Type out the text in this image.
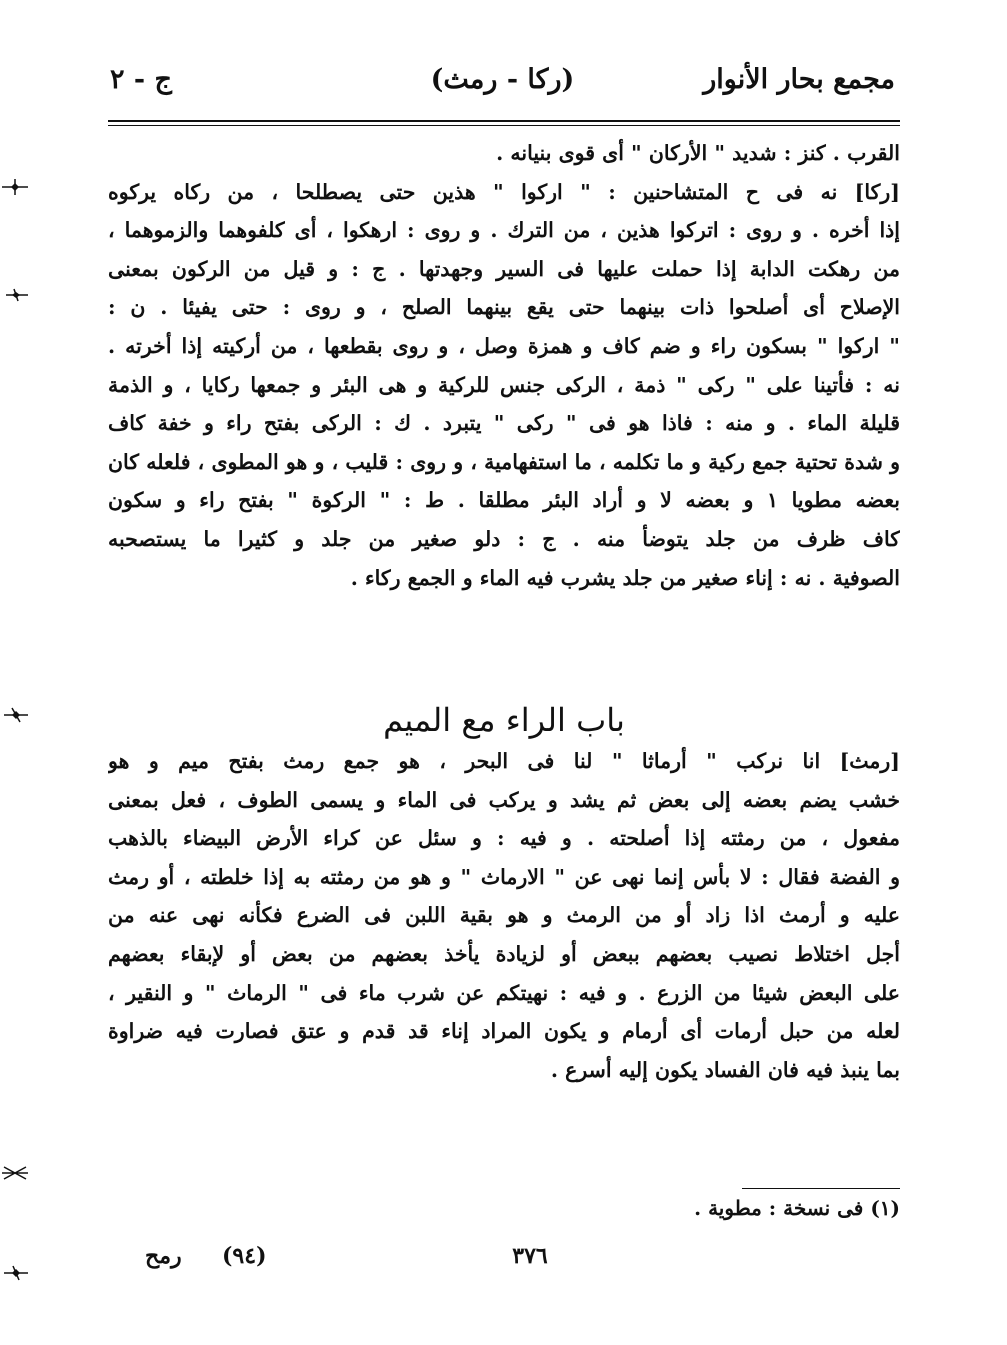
مجمع بحار الأنوار
(ركا - رمث)
ج - ٢
القرب . كنز : شديد " الأركان " أى قوى بنيانه .
[ركا] نه فى ح المتشاحنين : " اركوا " هذين حتى يصطلحا ، من ركاه يركوه
إذا أخره . و روى : اتركوا هذين ، من الترك . و روى : ارهكوا ، أى كلفوهما والزموهما ،
من رهكت الدابة إذا حملت عليها فى السير وجهدتها . ج : و قيل من الركون بمعنى
الإصلاح أى أصلحوا ذات بينهما حتى يقع بينهما الصلح ، و روى : حتى يفيئا . ن :
" اركوا " بسكون راء و ضم كاف و همزة وصل ، و روى بقطعها ، من أركيته إذا أخرته .
نه : فأتينا على " ركى " ذمة ، الركى جنس للركية و هى البئر و جمعها ركايا ، و الذمة
قليلة الماء . و منه : فاذا هو فى " ركى " يتبرد . ك : الركى بفتح راء و خفة كاف
و شدة تحتية جمع ركية و ما تكلمه ، ما استفهامية ، و روى : قليب ، و هو المطوى ، فلعله كان
بعضه مطويا ١ و بعضه لا و أراد البئر مطلقا . ط : " الركوة " بفتح راء و سكون
كاف ظرف من جلد يتوضأ منه . ج : دلو صغير من جلد و كثيرا ما يستصحبه
الصوفية . نه : إناء صغير من جلد يشرب فيه الماء و الجمع ركاء .
باب الراء مع الميم
[رمث] انا نركب " أرماثا " لنا فى البحر ، هو جمع رمث بفتح ميم و هو
خشب يضم بعضه إلى بعض ثم يشد و يركب فى الماء و يسمى الطوف ، فعل بمعنى
مفعول ، من رمثته إذا أصلحته . و فيه : و سئل عن كراء الأرض البيضاء بالذهب
و الفضة فقال : لا بأس إنما نهى عن " الارماث " و هو من رمثته به إذا خلطته ، أو رمث
عليه و أرمث اذا زاد أو من الرمث و هو بقية اللبن فى الضرع فكأنه نهى عنه من
أجل اختلاط نصيب بعضهم ببعض أو لزيادة يأخذ بعضهم من بعض أو لإبقاء بعضهم
على البعض شيئا من الزرع . و فيه : نهيتكم عن شرب ماء فى " الرماث " و النقير ،
لعله من حبل أرمات أى أرمام و يكون المراد إناء قد قدم و عتق فصارت فيه ضراوة
بما ينبذ فيه فان الفساد يكون إليه أسرع .
(١) فى نسخة : مطوية .
٣٧٦
(٩٤)
رمح
